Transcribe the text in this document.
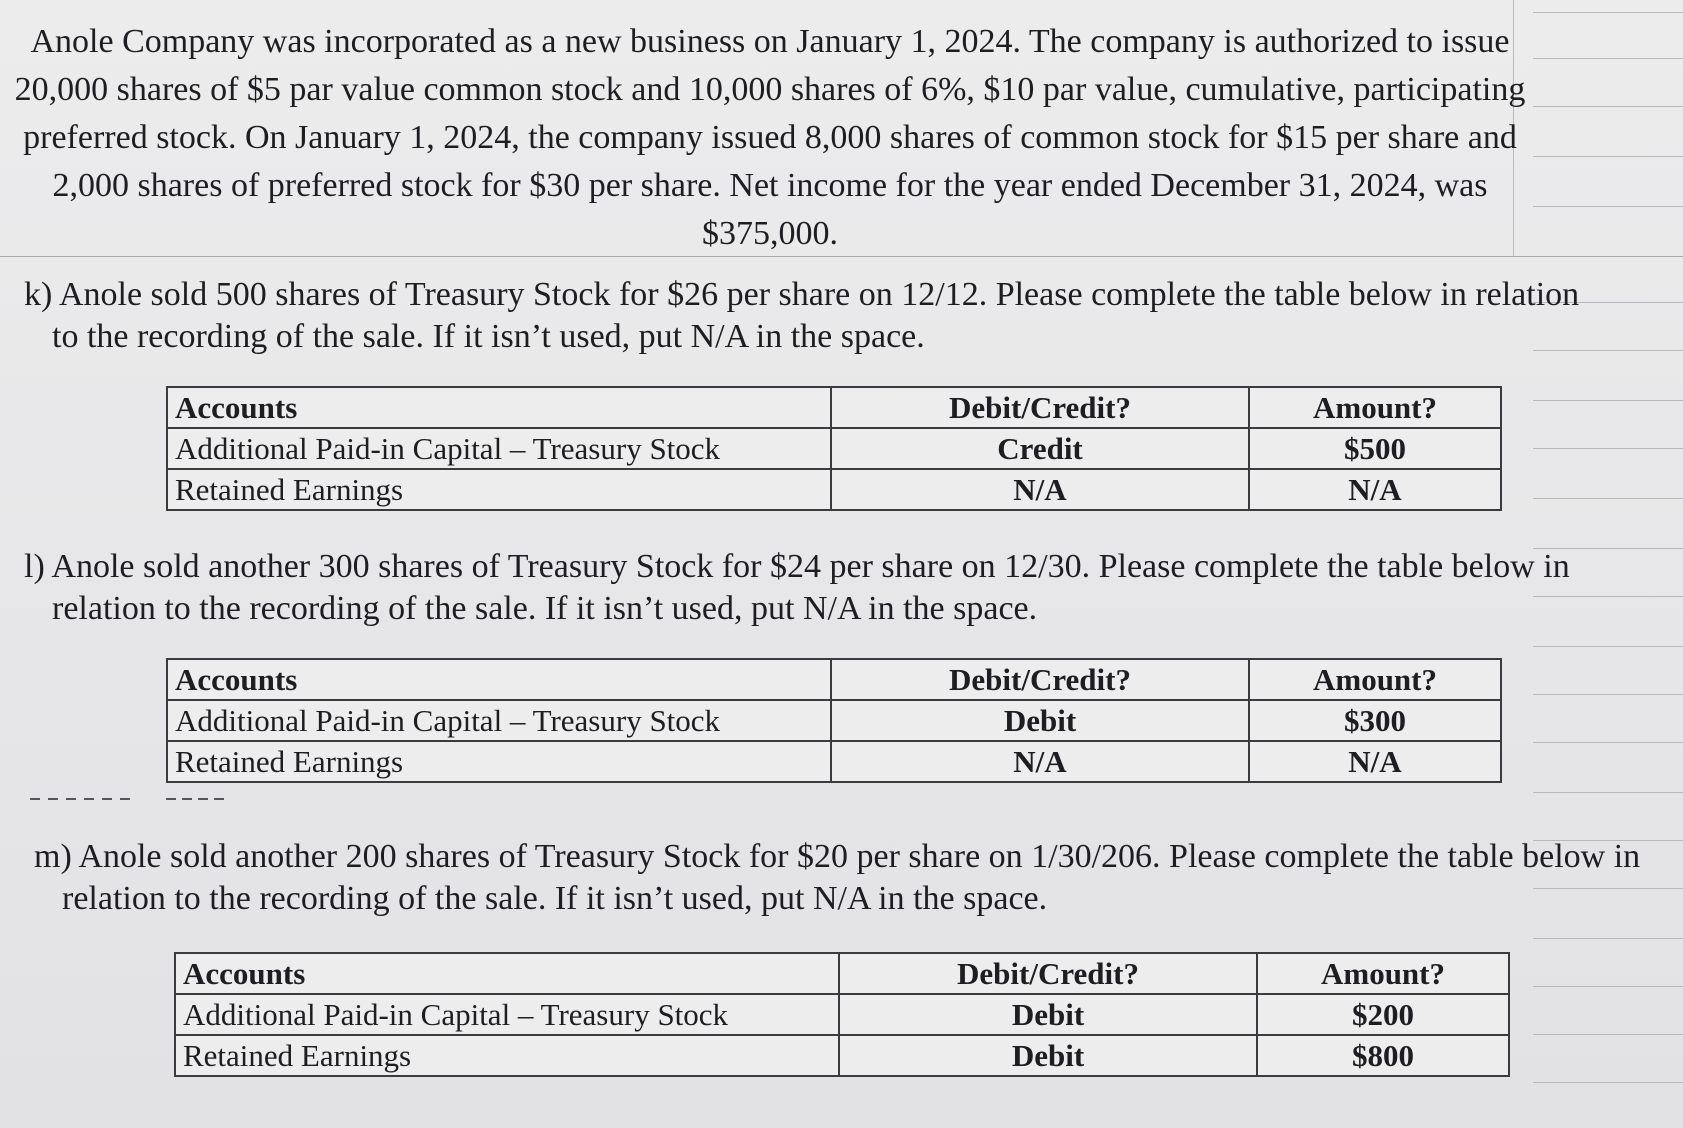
Anole Company was incorporated as a new business on January 1, 2024. The company is authorized to issue 20,000 shares of $5 par value common stock and 10,000 shares of 6%, $10 par value, cumulative, participating preferred stock. On January 1, 2024, the company issued 8,000 shares of common stock for $15 per share and 2,000 shares of preferred stock for $30 per share. Net income for the year ended December 31, 2024, was $375,000.

k) Anole sold 500 shares of Treasury Stock for $26 per share on 12/12. Please complete the table below in relation to the recording of the sale. If it isn’t used, put N/A in the space.

Accounts	Debit/Credit?	Amount?
Additional Paid-in Capital – Treasury Stock	Credit	$500
Retained Earnings	N/A	N/A

l) Anole sold another 300 shares of Treasury Stock for $24 per share on 12/30. Please complete the table below in relation to the recording of the sale. If it isn’t used, put N/A in the space.

Accounts	Debit/Credit?	Amount?
Additional Paid-in Capital – Treasury Stock	Debit	$300
Retained Earnings	N/A	N/A

m) Anole sold another 200 shares of Treasury Stock for $20 per share on 1/30/206. Please complete the table below in relation to the recording of the sale. If it isn’t used, put N/A in the space.

Accounts	Debit/Credit?	Amount?
Additional Paid-in Capital – Treasury Stock	Debit	$200
Retained Earnings	Debit	$800
